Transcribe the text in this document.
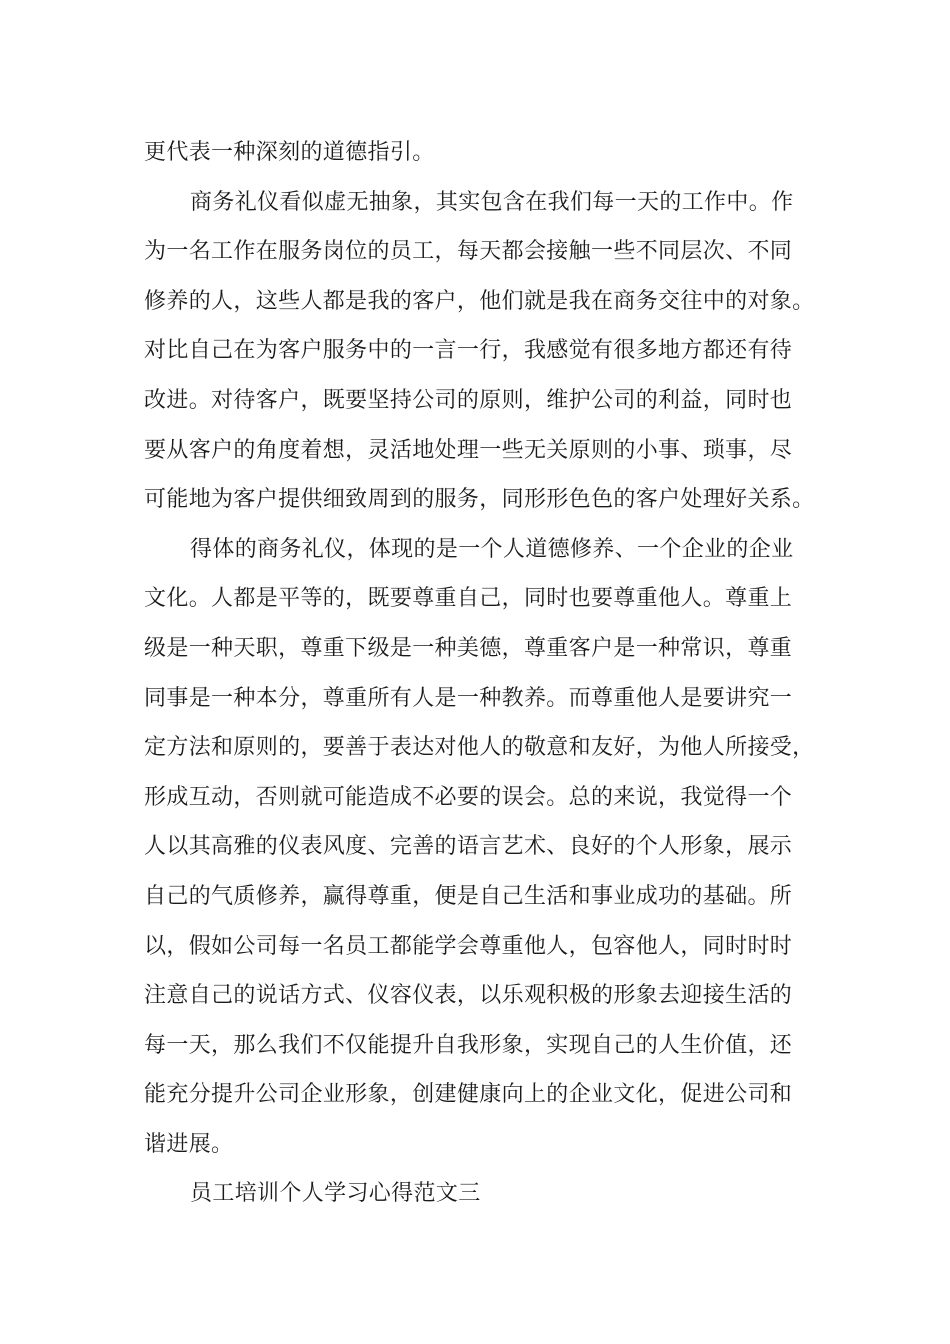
更代表一种深刻的道德指引。
商务礼仪看似虚无抽象，其实包含在我们每一天的工作中。作
为一名工作在服务岗位的员工，每天都会接触一些不同层次、不同
修养的人，这些人都是我的客户，他们就是我在商务交往中的对象。
对比自己在为客户服务中的一言一行，我感觉有很多地方都还有待
改进。对待客户，既要坚持公司的原则，维护公司的利益，同时也
要从客户的角度着想，灵活地处理一些无关原则的小事、琐事，尽
可能地为客户提供细致周到的服务，同形形色色的客户处理好关系。
得体的商务礼仪，体现的是一个人道德修养、一个企业的企业
文化。人都是平等的，既要尊重自己，同时也要尊重他人。尊重上
级是一种天职，尊重下级是一种美德，尊重客户是一种常识，尊重
同事是一种本分，尊重所有人是一种教养。而尊重他人是要讲究一
定方法和原则的，要善于表达对他人的敬意和友好，为他人所接受，
形成互动，否则就可能造成不必要的误会。总的来说，我觉得一个
人以其高雅的仪表风度、完善的语言艺术、良好的个人形象，展示
自己的气质修养，赢得尊重，便是自己生活和事业成功的基础。所
以，假如公司每一名员工都能学会尊重他人，包容他人，同时时时
注意自己的说话方式、仪容仪表，以乐观积极的形象去迎接生活的
每一天，那么我们不仅能提升自我形象，实现自己的人生价值，还
能充分提升公司企业形象，创建健康向上的企业文化，促进公司和
谐进展。
员工培训个人学习心得范文三
